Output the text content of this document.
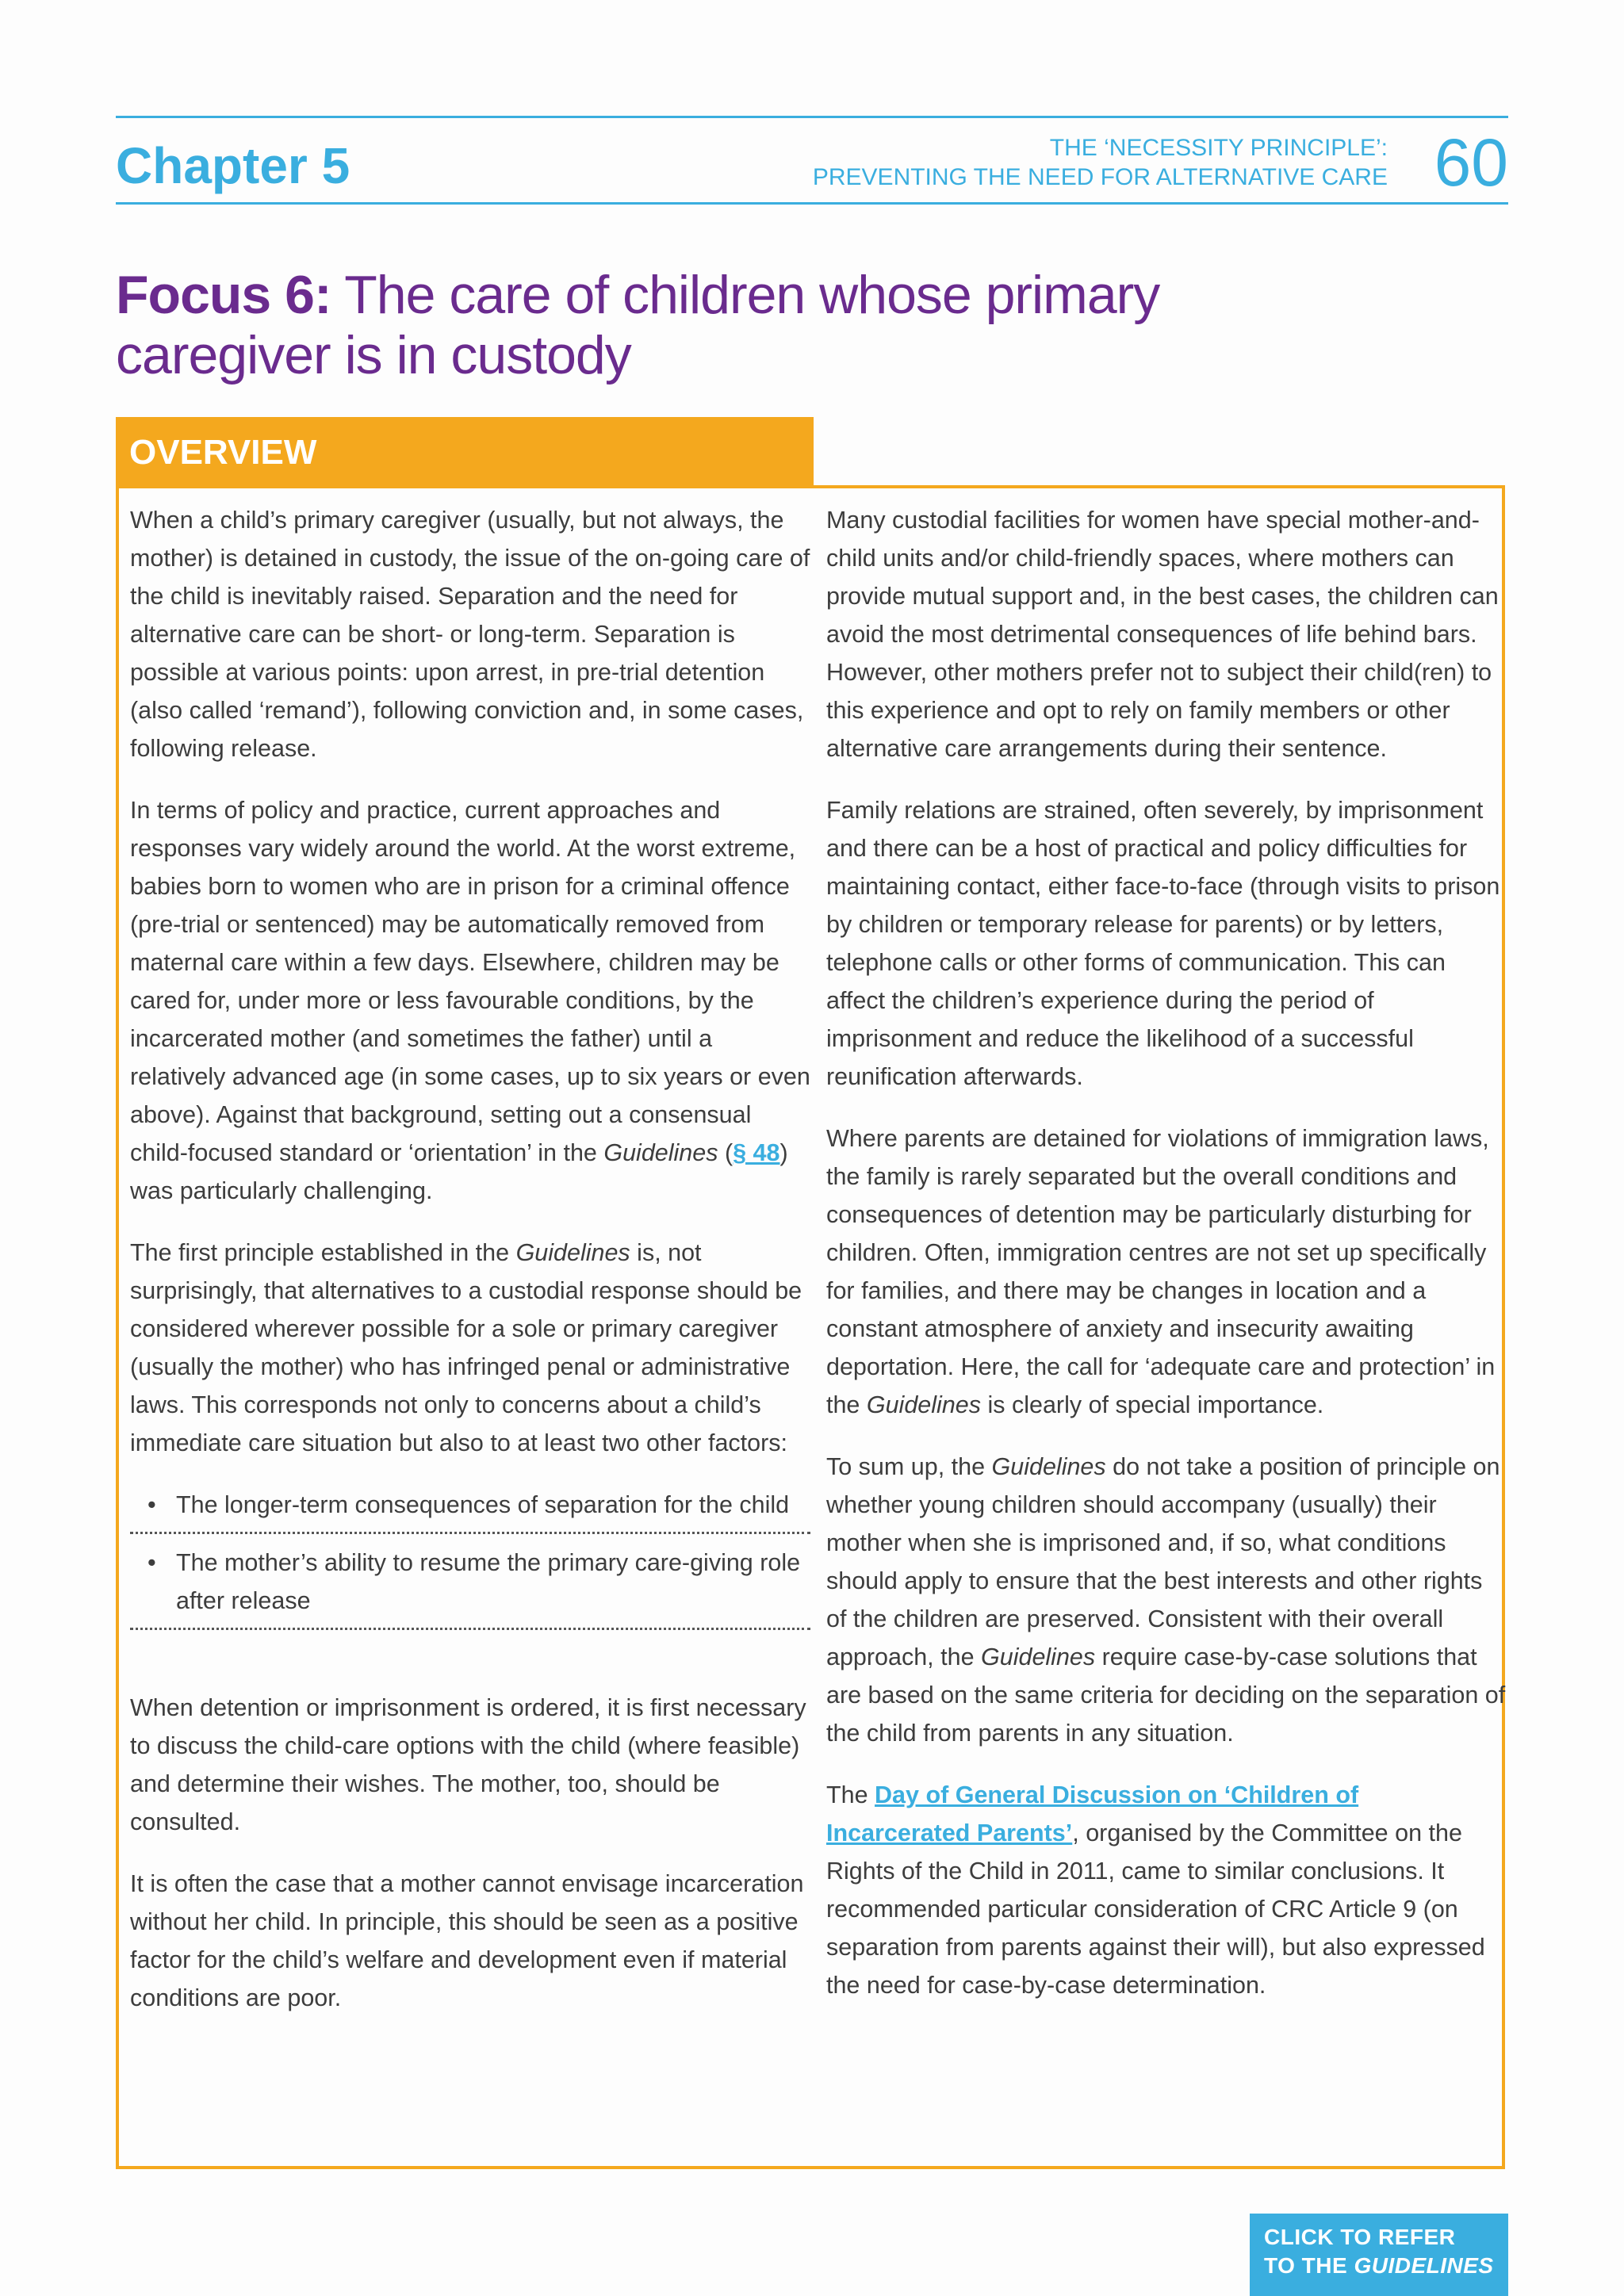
Chapter 5	THE ‘NECESSITY PRINCIPLE’:
PREVENTING THE NEED FOR ALTERNATIVE CARE 60
Focus 6: The care of children whose primary caregiver is in custody
OVERVIEW

When a child’s primary caregiver (usually, but not always, the mother) is detained in custody, the issue of the on-going care of the child is inevitably raised. Separation and the need for alternative care can be short- or long-term. Separation is possible at various points: upon arrest, in pre-trial detention (also called ‘remand’), following conviction and, in some cases, following release.

In terms of policy and practice, current approaches and responses vary widely around the world. At the worst extreme, babies born to women who are in prison for a criminal offence (pre-trial or sentenced) may be automatically removed from maternal care within a few days. Elsewhere, children may be cared for, under more or less favourable conditions, by the incarcerated mother (and sometimes the father) until a relatively advanced age (in some cases, up to six years or even above). Against that background, setting out a consensual child-focused standard or ‘orientation’ in the Guidelines (§ 48) was particularly challenging.

The first principle established in the Guidelines is, not surprisingly, that alternatives to a custodial response should be considered wherever possible for a sole or primary caregiver (usually the mother) who has infringed penal or administrative laws. This corresponds not only to concerns about a child’s immediate care situation but also to at least two other factors:

• The longer-term consequences of separation for the child
• The mother’s ability to resume the primary care-giving role after release

When detention or imprisonment is ordered, it is first necessary to discuss the child-care options with the child (where feasible) and determine their wishes. The mother, too, should be consulted.

It is often the case that a mother cannot envisage incarceration without her child. In principle, this should be seen as a positive factor for the child’s welfare and development even if material conditions are poor.

Many custodial facilities for women have special mother-and-child units and/or child-friendly spaces, where mothers can provide mutual support and, in the best cases, the children can avoid the most detrimental consequences of life behind bars. However, other mothers prefer not to subject their child(ren) to this experience and opt to rely on family members or other alternative care arrangements during their sentence.

Family relations are strained, often severely, by imprisonment and there can be a host of practical and policy difficulties for maintaining contact, either face-to-face (through visits to prison by children or temporary release for parents) or by letters, telephone calls or other forms of communication. This can affect the children’s experience during the period of imprisonment and reduce the likelihood of a successful reunification afterwards.

Where parents are detained for violations of immigration laws, the family is rarely separated but the overall conditions and consequences of detention may be particularly disturbing for children. Often, immigration centres are not set up specifically for families, and there may be changes in location and a constant atmosphere of anxiety and insecurity awaiting deportation. Here, the call for ‘adequate care and protection’ in the Guidelines is clearly of special importance.

To sum up, the Guidelines do not take a position of principle on whether young children should accompany (usually) their mother when she is imprisoned and, if so, what conditions should apply to ensure that the best interests and other rights of the children are preserved. Consistent with their overall approach, the Guidelines require case-by-case solutions that are based on the same criteria for deciding on the separation of the child from parents in any situation.

The Day of General Discussion on ‘Children of Incarcerated Parents’, organised by the Committee on the Rights of the Child in 2011, came to similar conclusions. It recommended particular consideration of CRC Article 9 (on separation from parents against their will), but also expressed the need for case-by-case determination.

CLICK TO REFER
TO THE GUIDELINES
